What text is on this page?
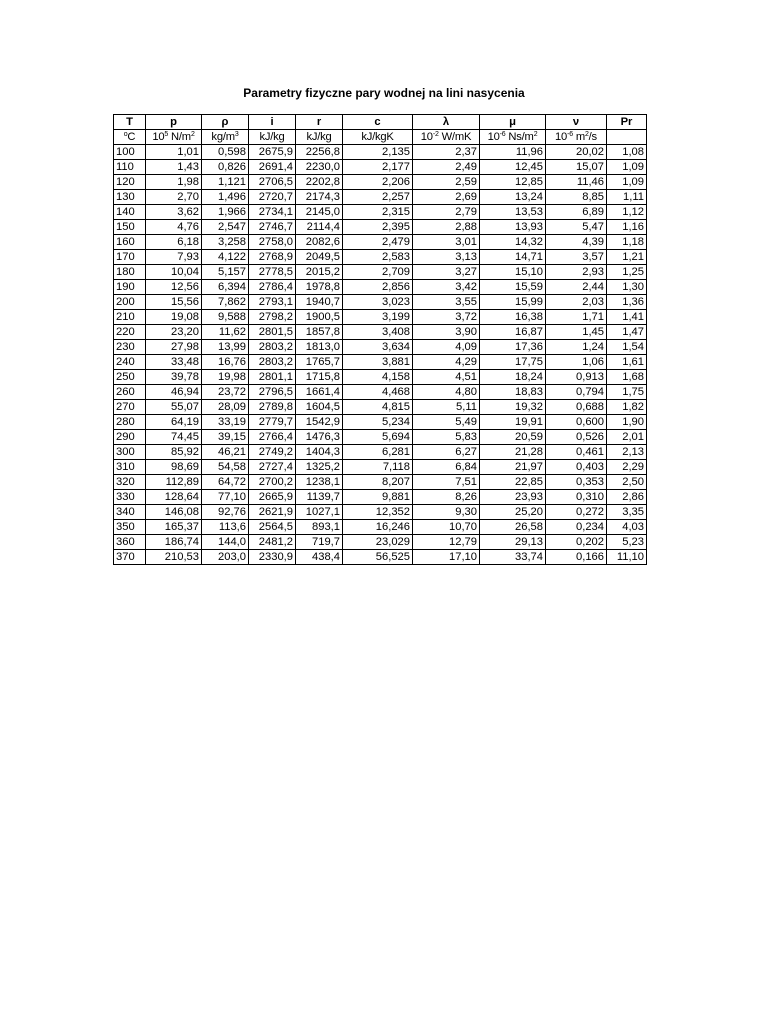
Parametry fizyczne pary wodnej na lini nasycenia
T	p	ρ	i	r	c	λ	μ	ν	Pr
$^o$C	$10^5$ $N/m^2$	$kg/m^3$	kJ/kg	kJ/kg	kJ/kgK	$10^{-2}$ W/mK	$10^{-6}$ $Ns/m^2$	$10^{-6}$ $m^2/s$	
100	1,01	0,598	2675,9	2256,8	2,135	2,37	11,96	20,02	1,08
110	1,43	0,826	2691,4	2230,0	2,177	2,49	12,45	15,07	1,09
120	1,98	1,121	2706,5	2202,8	2,206	2,59	12,85	11,46	1,09
130	2,70	1,496	2720,7	2174,3	2,257	2,69	13,24	8,85	1,11
140	3,62	1,966	2734,1	2145,0	2,315	2,79	13,53	6,89	1,12
150	4,76	2,547	2746,7	2114,4	2,395	2,88	13,93	5,47	1,16
160	6,18	3,258	2758,0	2082,6	2,479	3,01	14,32	4,39	1,18
170	7,93	4,122	2768,9	2049,5	2,583	3,13	14,71	3,57	1,21
180	10,04	5,157	2778,5	2015,2	2,709	3,27	15,10	2,93	1,25
190	12,56	6,394	2786,4	1978,8	2,856	3,42	15,59	2,44	1,30
200	15,56	7,862	2793,1	1940,7	3,023	3,55	15,99	2,03	1,36
210	19,08	9,588	2798,2	1900,5	3,199	3,72	16,38	1,71	1,41
220	23,20	11,62	2801,5	1857,8	3,408	3,90	16,87	1,45	1,47
230	27,98	13,99	2803,2	1813,0	3,634	4,09	17,36	1,24	1,54
240	33,48	16,76	2803,2	1765,7	3,881	4,29	17,75	1,06	1,61
250	39,78	19,98	2801,1	1715,8	4,158	4,51	18,24	0,913	1,68
260	46,94	23,72	2796,5	1661,4	4,468	4,80	18,83	0,794	1,75
270	55,07	28,09	2789,8	1604,5	4,815	5,11	19,32	0,688	1,82
280	64,19	33,19	2779,7	1542,9	5,234	5,49	19,91	0,600	1,90
290	74,45	39,15	2766,4	1476,3	5,694	5,83	20,59	0,526	2,01
300	85,92	46,21	2749,2	1404,3	6,281	6,27	21,28	0,461	2,13
310	98,69	54,58	2727,4	1325,2	7,118	6,84	21,97	0,403	2,29
320	112,89	64,72	2700,2	1238,1	8,207	7,51	22,85	0,353	2,50
330	128,64	77,10	2665,9	1139,7	9,881	8,26	23,93	0,310	2,86
340	146,08	92,76	2621,9	1027,1	12,352	9,30	25,20	0,272	3,35
350	165,37	113,6	2564,5	893,1	16,246	10,70	26,58	0,234	4,03
360	186,74	144,0	2481,2	719,7	23,029	12,79	29,13	0,202	5,23
370	210,53	203,0	2330,9	438,4	56,525	17,10	33,74	0,166	11,10
